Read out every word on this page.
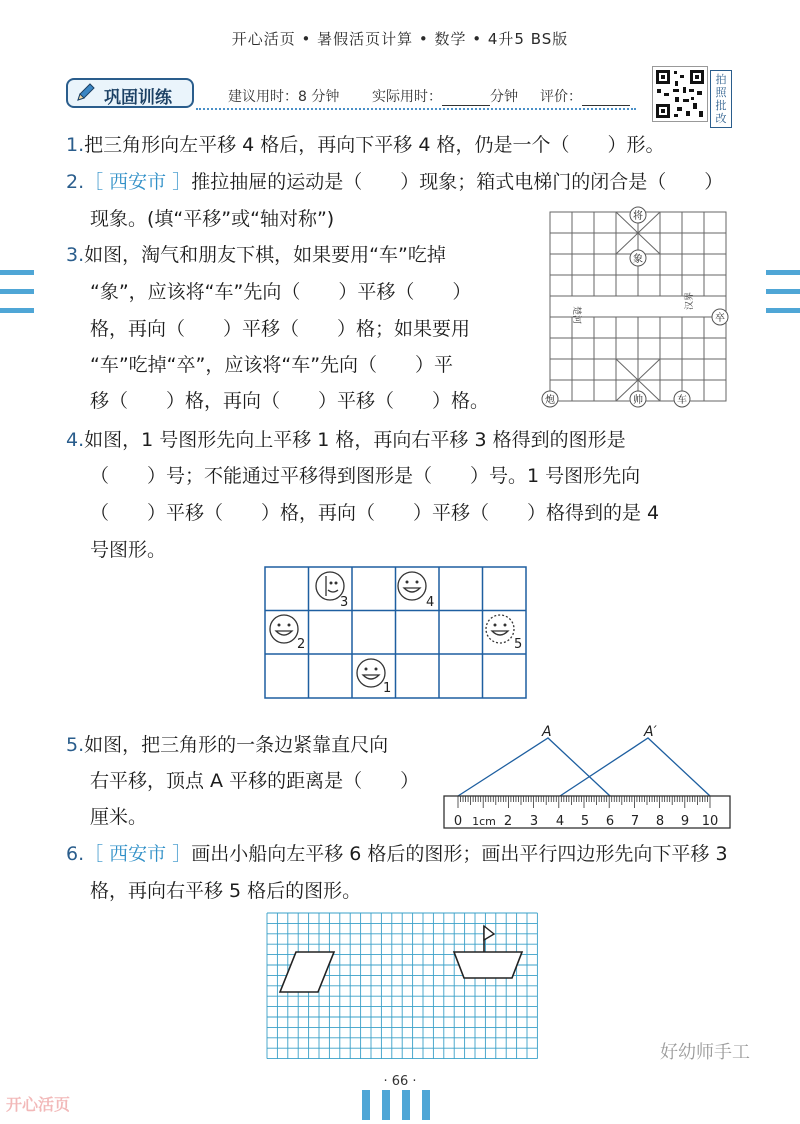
开心活页 • 暑假活页计算 • 数学 • 4升5 BS版
巩固训练	建议用时：8 分钟 实际用时：	分钟 评价：
拍
照
批
改
1.把三角形向左平移 4 格后，再向下平移 4 格，仍是一个（　　）形。
2.［ 西安市 ］推拉抽屉的运动是（　　）现象；箱式电梯门的闭合是（　　）
现象。(填“平移”或“轴对称”)
3.如图，淘气和朋友下棋，如果要用“车”吃掉
“象”，应该将“车”先向（　　）平移（　　）
格，再向（　　）平移（　　）格；如果要用
“车”吃掉“卒”，应该将“车”先向（　　）平
移（　　）格，再向（　　）平移（　　）格。
楚河
汉界
将
象
卒
炮	帅	车
4.如图，1 号图形先向上平移 1 格，再向右平移 3 格得到的图形是
（　　）号；不能通过平移得到图形是（　　）号。1 号图形先向
（　　）平移（　　）格，再向（　　）平移（　　）格得到的是 4
号图形。
3	4
2	5
1
5.如图，把三角形的一条边紧靠直尺向
右平移，顶点 A 平移的距离是（　　）
厘米。
A	A′
0 1cm 2 3 4 5 6 7 8 9 10
6.［ 西安市 ］画出小船向左平移 6 格后的图形；画出平行四边形先向下平移 3
格，再向右平移 5 格后的图形。
好幼师手工
· 66 ·
开心活页
